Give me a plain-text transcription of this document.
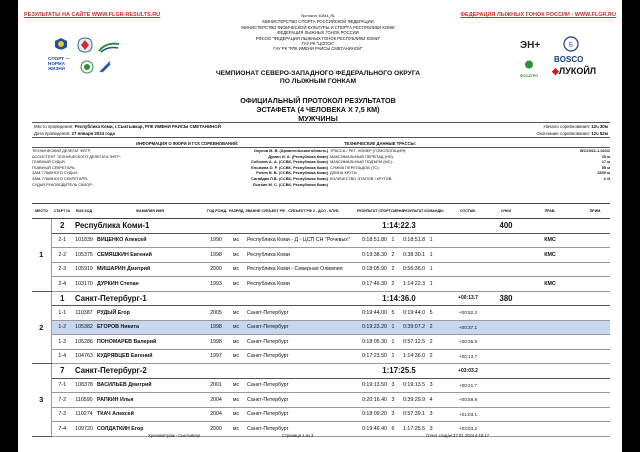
РЕЗУЛЬТАТЫ НА САЙТЕ WWW.FLGR-RESULTS.RU	ФЕДЕРАЦИЯ ЛЫЖНЫХ ГОНОК РОССИИ - WWW.FLGR.RU
Протокол: 40844_RL
МИНИСТЕРСТВО СПОРТА РОССИЙСКОЙ ФЕДЕРАЦИИ
МИНИСТЕРСТВО ФИЗИЧЕСКОЙ КУЛЬТУРЫ И СПОРТА РЕСПУБЛИКИ КОМИ
ФЕДЕРАЦИЯ ЛЫЖНЫХ ГОНОК РОССИИ
РФСОО "ФЕДЕРАЦИЯ ЛЫЖНЫХ ГОНОК РЕСПУБЛИКИ КОМИ"
ГАУ РК "ЦСПСК"
ГАУ РК "РЛК ИМЕНИ РАИСЫ СМЕТАНИНОЙ"
СПОРТ — НОРМА ЖИЗНИ
ЭН+	Б
ФОСАГРО
BOSCO
◆ЛУКОЙЛ
ЧЕМПИОНАТ СЕВЕРО-ЗАПАДНОГО ФЕДЕРАЛЬНОГО ОКРУГА
ПО ЛЫЖНЫМ ГОНКАМ
ОФИЦИАЛЬНЫЙ ПРОТОКОЛ РЕЗУЛЬТАТОВ
ЭСТАФЕТА (4 ЧЕЛОВЕКА X 7,5 КМ)
МУЖЧИНЫ
Место проведения: Республика Коми, г.Сыктывкар, РЛК ИМЕНИ РАИСЫ СМЕТАНИНОЙ
Дата проведения: 27 января 2024 года
Начало соревнования: 12ч 30м
Окончание соревнования: 12ч 52м
ИНФОРМАЦИЯ О ЖЮРИ И ГСК СОРЕВНОВАНИЙ:	ТЕХНИЧЕСКИЕ ДАННЫЕ ТРАССЫ:
ТЕХНИЧЕСКИЙ ДЕЛЕГАТ ФЛГР:	Окулов М. В. (Архангельская область)
АССИСТЕНТ ТЕХНИЧЕСКОГО ДЕЛЕГАТА ФЛГР:	Думин И. А. (Республика Коми)
ГЛАВНЫЙ СУДЬЯ:	Соболев А. А. (ССВК, Республика Коми)
ГЛАВНЫЙ СЕКРЕТАРЬ:	Ельмина О. Р. (ССВК, Республика Коми)
ЗАМ. ГЛАВНОГО СУДЬИ:	Рочев В. В. (ССВК, Республика Коми)
ЗАМ. ГЛАВНОГО СЕКРЕТАРЯ:	Сагайдак Л.В. (ССВК, Республика Коми)
СУДЬЯ-РУКОВОДИТЕЛЬ СКИОР:	Лыткин М. С. (ССВК, Республика Коми)
ТРАССА / РЕГ. НОМЕР (ГОМОЛОГАЦИЯ):	WC23/11-1.02/11
МАКСИМАЛЬНЫЙ ПЕРЕПАД (HD):	25 м
МАКСИМАЛЬНЫЙ ПОДЪЕМ (MC):	17 м
СУММА ПЕРЕПАДОВ (TC):	55 м
ДЛИНА КРУГА:	2500 м
КОЛИЧЕСТВО ЭТАПОВ / КРУГОВ:	4 /3
МЕСТО	СТАРТ №	RUS КОД	ФАМИЛИЯ ИМЯ	ГОД РОЖД.	РАЗРЯД, ЗВАНИЕ	СУБЪЕКТ РФ - СУБЪЕКТ РФ 2 - ДСО - КЛУБ	РЕЗУЛЬТАТ СПОРТСМЕНА	РЕЗУЛЬТАТ КОМАНДЫ	ОТСТАВ.	ОЧКИ	ПРАВ.	ПРИМ.
1	2	Республика Коми-1					1:14:22.3			400		
	2-1	101839	ВИЦЕНКО Алексей	1990	мс	Республика Коми - Д - ЦСП СН "Рочевых"	0:18:51.80 1	0:18:51.8 1			КМС	
	2-2	105375	СЕМЯШКИН Евгений	1998	мс	Республика Коми	0:19:38.30 2	0:38:30.1 1			КМС	
	2-3	105919	МИШАРИН Дмитрий	2000	мс	Республика Коми - Северная Олимпия	0:18:05.90 2	0:56:36.0 1				
	2-4	103170	ДУРКИН Степан	1993	мс	Республика Коми	0:17:46.30 2	1:14:22.3 1			КМС	
2	1	Санкт-Петербург-1					1:14:36.0		+00:13.7	380		
	1-1	110387	РУДЫЙ Егор	2005	мс	Санкт-Петербург	0:19:44.00 5	0:19:44.0 5	+00:52.2			
	1-2	105382	ЕГОРОВ Никита	1998	мс	Санкт-Петербург	0:19:23.20 1	0:39:07.2 2	+00:37.1			
	1-3	105286	ПОНОМАРЕВ Валерий	1998	мс	Санкт-Петербург	0:18:05.30 1	0:57:12.5 2	+00:36.5			
	1-4	104763	КУДРЯВЦЕВ Евгений	1997	мс	Санкт-Петербург	0:17:23.50 1	1:14:36.0 2	+00:13.7			
3	7	Санкт-Петербург-2					1:17:25.5		+03:03.2			
	7-1	108378	ВАСИЛЬЕВ Дмитрий	2001	мс	Санкт-Петербург	0:19:13.50 3	0:19:13.5 3	+00:21.7			
	7-2	110590	РАПКИН Илья	2004	мс	Санкт-Петербург	0:20:16.40 3	0:39:29.9 4	+00:59.8			
	7-3	110274	ТКАЧ Алексей	2004	мс	Санкт-Петербург	0:18:09.20 3	0:57:39.1 3	+01:03.1			
	7-4	109720	СОЛДАТКИН Егор	2000	мс	Санкт-Петербург	0:19:46.40 6	1:17:25.5 3	+03:03.2			
Хронометраж - Сыктывкар	Страница 1 из 3	Отчет создан 27.01.2024 в 18:17
